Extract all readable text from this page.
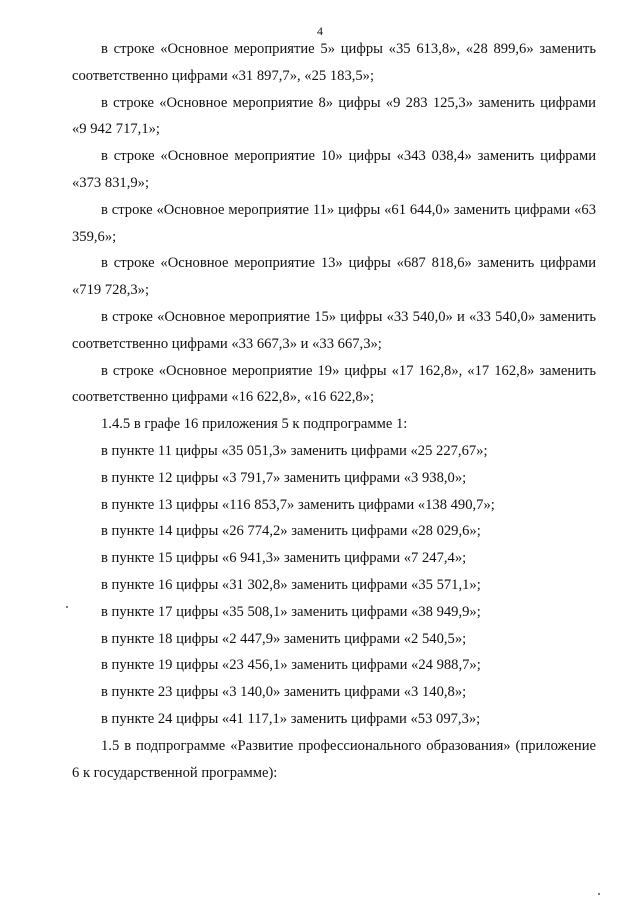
4

в строке «Основное мероприятие 5» цифры «35 613,8», «28 899,6» заменить соответственно цифрами «31 897,7», «25 183,5»;

в строке «Основное мероприятие 8» цифры «9 283 125,3» заменить цифрами «9 942 717,1»;

в строке «Основное мероприятие 10» цифры «343 038,4» заменить цифрами «373 831,9»;

в строке «Основное мероприятие 11» цифры «61 644,0» заменить цифрами «63 359,6»;

в строке «Основное мероприятие 13» цифры «687 818,6» заменить цифрами «719 728,3»;

в строке «Основное мероприятие 15» цифры «33 540,0» и «33 540,0» заменить соответственно цифрами «33 667,3» и «33 667,3»;

в строке «Основное мероприятие 19» цифры «17 162,8», «17 162,8» заменить соответственно цифрами «16 622,8», «16 622,8»;

1.4.5 в графе 16 приложения 5 к подпрограмме 1:

в пункте 11 цифры «35 051,3» заменить цифрами «25 227,67»;

в пункте 12 цифры «3 791,7» заменить цифрами «3 938,0»;

в пункте 13 цифры «116 853,7» заменить цифрами «138 490,7»;

в пункте 14 цифры «26 774,2» заменить цифрами «28 029,6»;

в пункте 15 цифры «6 941,3» заменить цифрами «7 247,4»;

в пункте 16 цифры «31 302,8» заменить цифрами «35 571,1»;

в пункте 17 цифры «35 508,1» заменить цифрами «38 949,9»;

в пункте 18 цифры «2 447,9» заменить цифрами «2 540,5»;

в пункте 19 цифры «23 456,1» заменить цифрами «24 988,7»;

в пункте 23 цифры «3 140,0» заменить цифрами «3 140,8»;

в пункте 24 цифры «41 117,1» заменить цифрами «53 097,3»;

1.5 в подпрограмме «Развитие профессионального образования» (приложение 6 к государственной программе):
